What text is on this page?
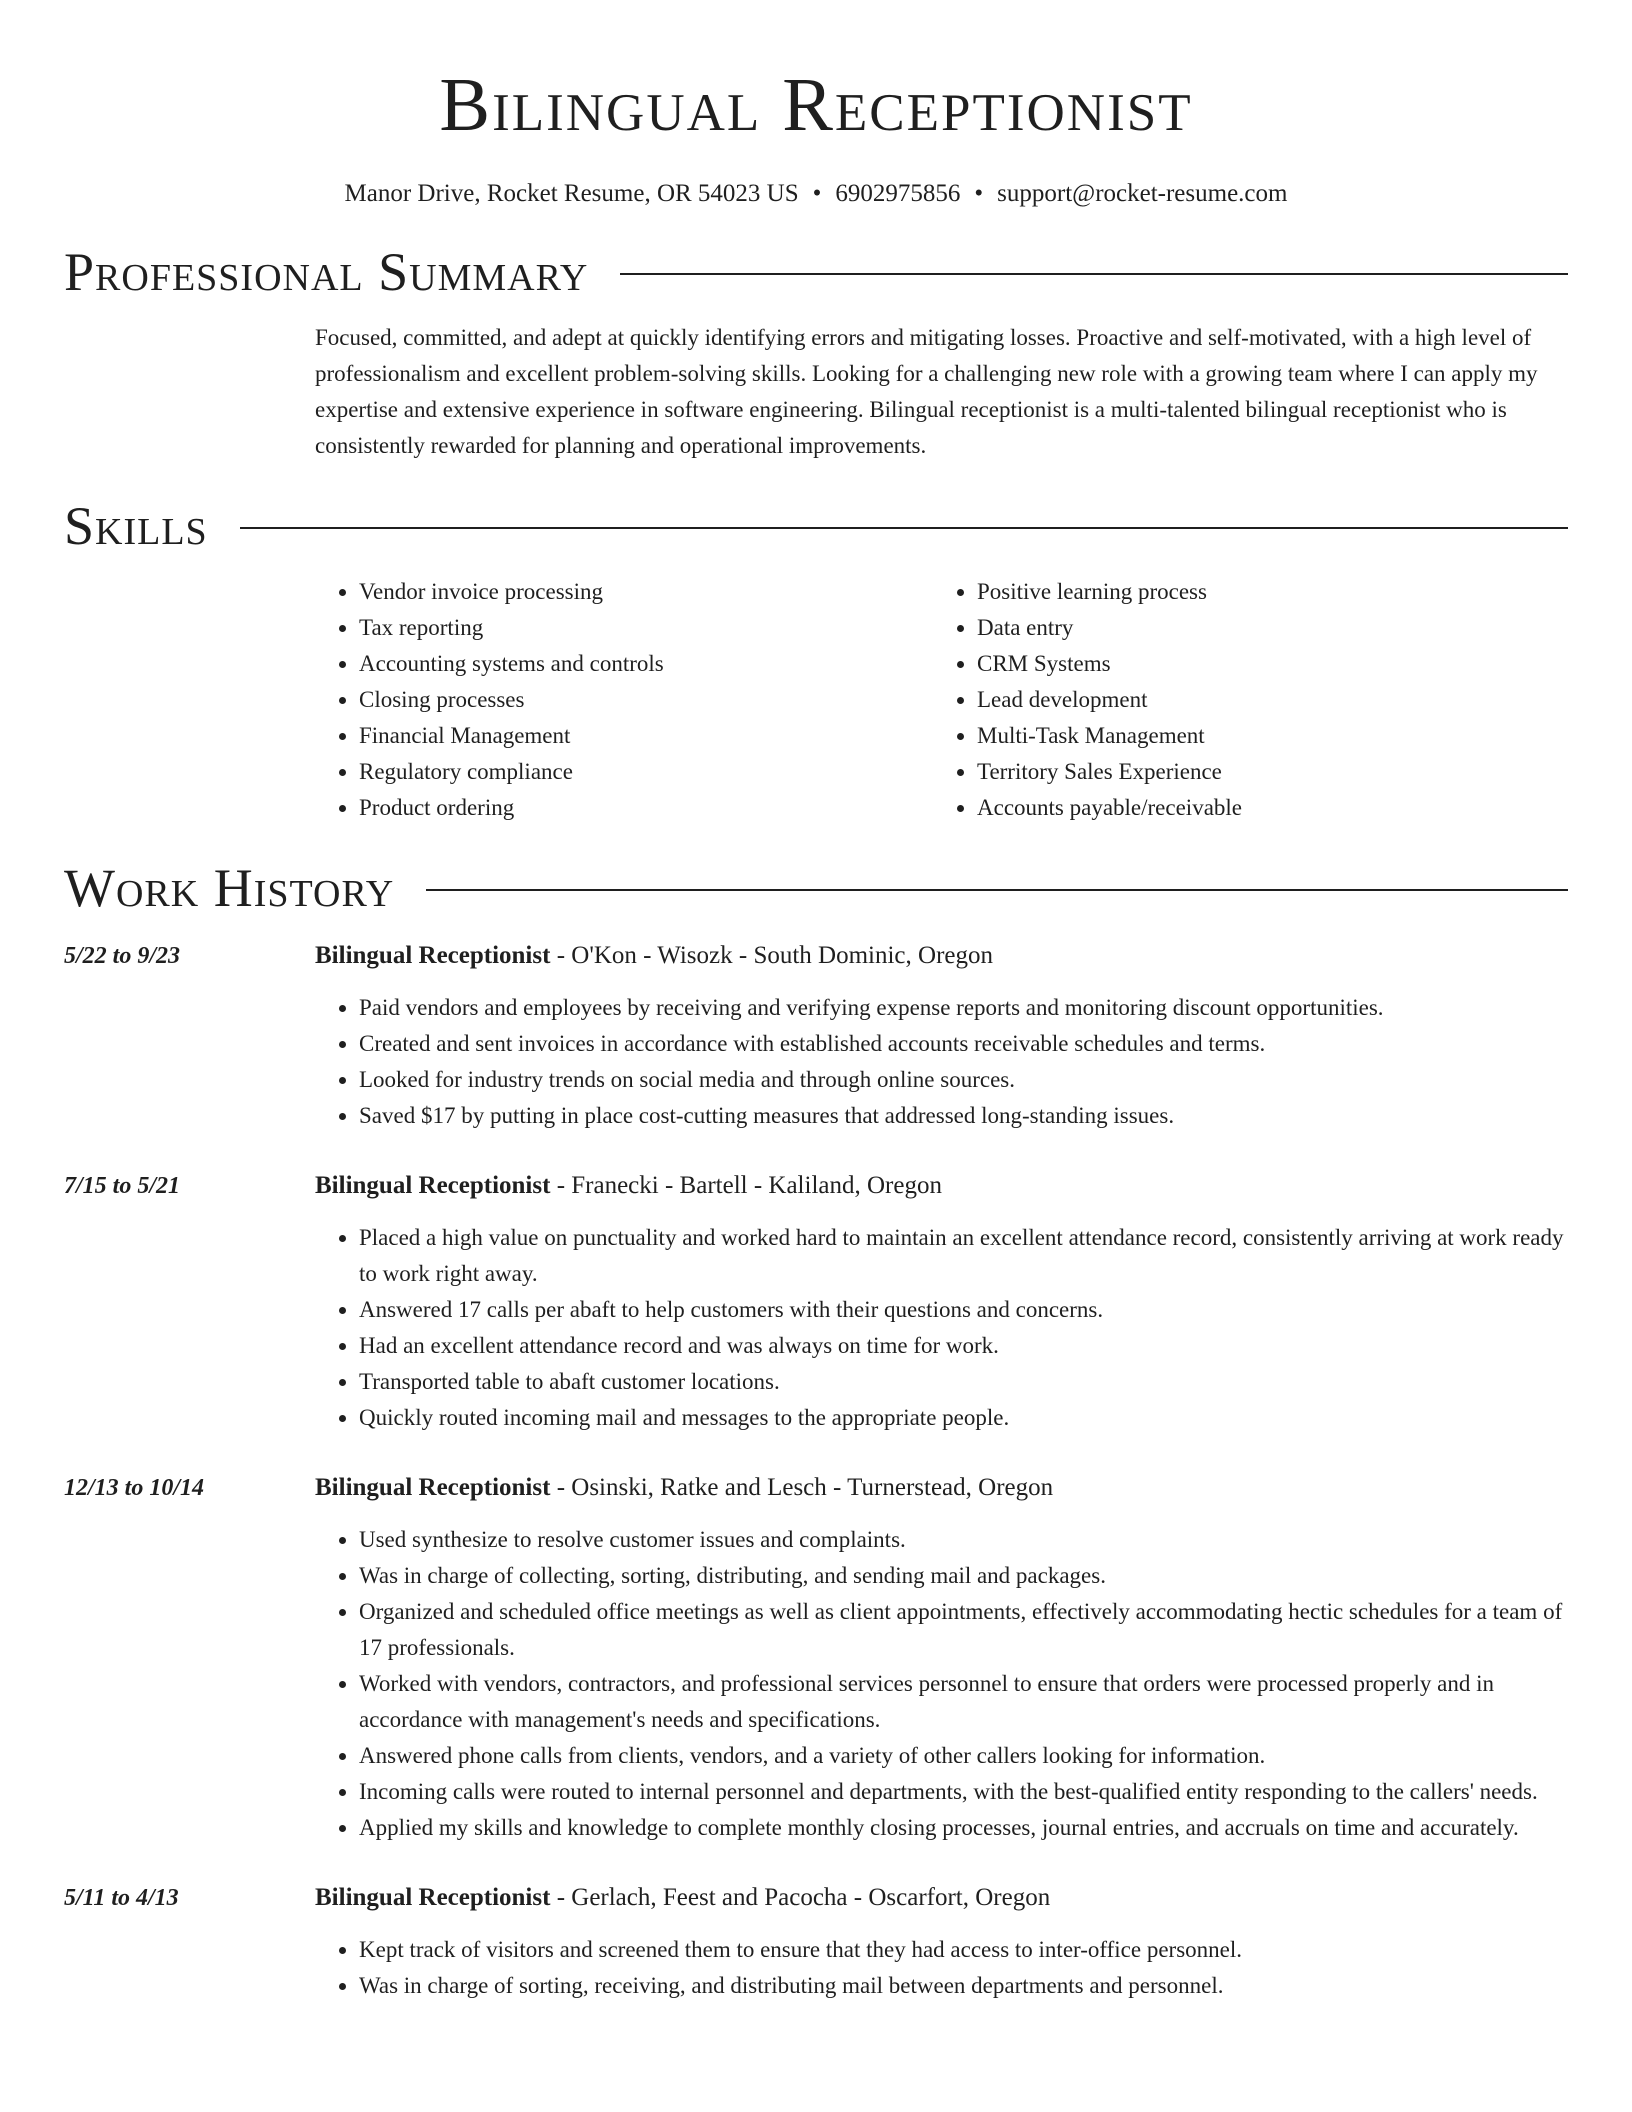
Bilingual Receptionist
Manor Drive, Rocket Resume, OR 54023 US • 6902975856 • support@rocket-resume.com
Professional Summary
Focused, committed, and adept at quickly identifying errors and mitigating losses. Proactive and self-motivated, with a high level of professionalism and excellent problem-solving skills. Looking for a challenging new role with a growing team where I can apply my expertise and extensive experience in software engineering. Bilingual receptionist is a multi-talented bilingual receptionist who is consistently rewarded for planning and operational improvements.
Skills
• Vendor invoice processing
• Tax reporting
• Accounting systems and controls
• Closing processes
• Financial Management
• Regulatory compliance
• Product ordering
• Positive learning process
• Data entry
• CRM Systems
• Lead development
• Multi-Task Management
• Territory Sales Experience
• Accounts payable/receivable
Work History
5/22 to 9/23	Bilingual Receptionist - O'Kon - Wisozk - South Dominic, Oregon
• Paid vendors and employees by receiving and verifying expense reports and monitoring discount opportunities.
• Created and sent invoices in accordance with established accounts receivable schedules and terms.
• Looked for industry trends on social media and through online sources.
• Saved $17 by putting in place cost-cutting measures that addressed long-standing issues.
7/15 to 5/21	Bilingual Receptionist - Franecki - Bartell - Kaliland, Oregon
• Placed a high value on punctuality and worked hard to maintain an excellent attendance record, consistently arriving at work ready to work right away.
• Answered 17 calls per abaft to help customers with their questions and concerns.
• Had an excellent attendance record and was always on time for work.
• Transported table to abaft customer locations.
• Quickly routed incoming mail and messages to the appropriate people.
12/13 to 10/14	Bilingual Receptionist - Osinski, Ratke and Lesch - Turnerstead, Oregon
• Used synthesize to resolve customer issues and complaints.
• Was in charge of collecting, sorting, distributing, and sending mail and packages.
• Organized and scheduled office meetings as well as client appointments, effectively accommodating hectic schedules for a team of 17 professionals.
• Worked with vendors, contractors, and professional services personnel to ensure that orders were processed properly and in accordance with management's needs and specifications.
• Answered phone calls from clients, vendors, and a variety of other callers looking for information.
• Incoming calls were routed to internal personnel and departments, with the best-qualified entity responding to the callers' needs.
• Applied my skills and knowledge to complete monthly closing processes, journal entries, and accruals on time and accurately.
5/11 to 4/13	Bilingual Receptionist - Gerlach, Feest and Pacocha - Oscarfort, Oregon
• Kept track of visitors and screened them to ensure that they had access to inter-office personnel.
• Was in charge of sorting, receiving, and distributing mail between departments and personnel.
